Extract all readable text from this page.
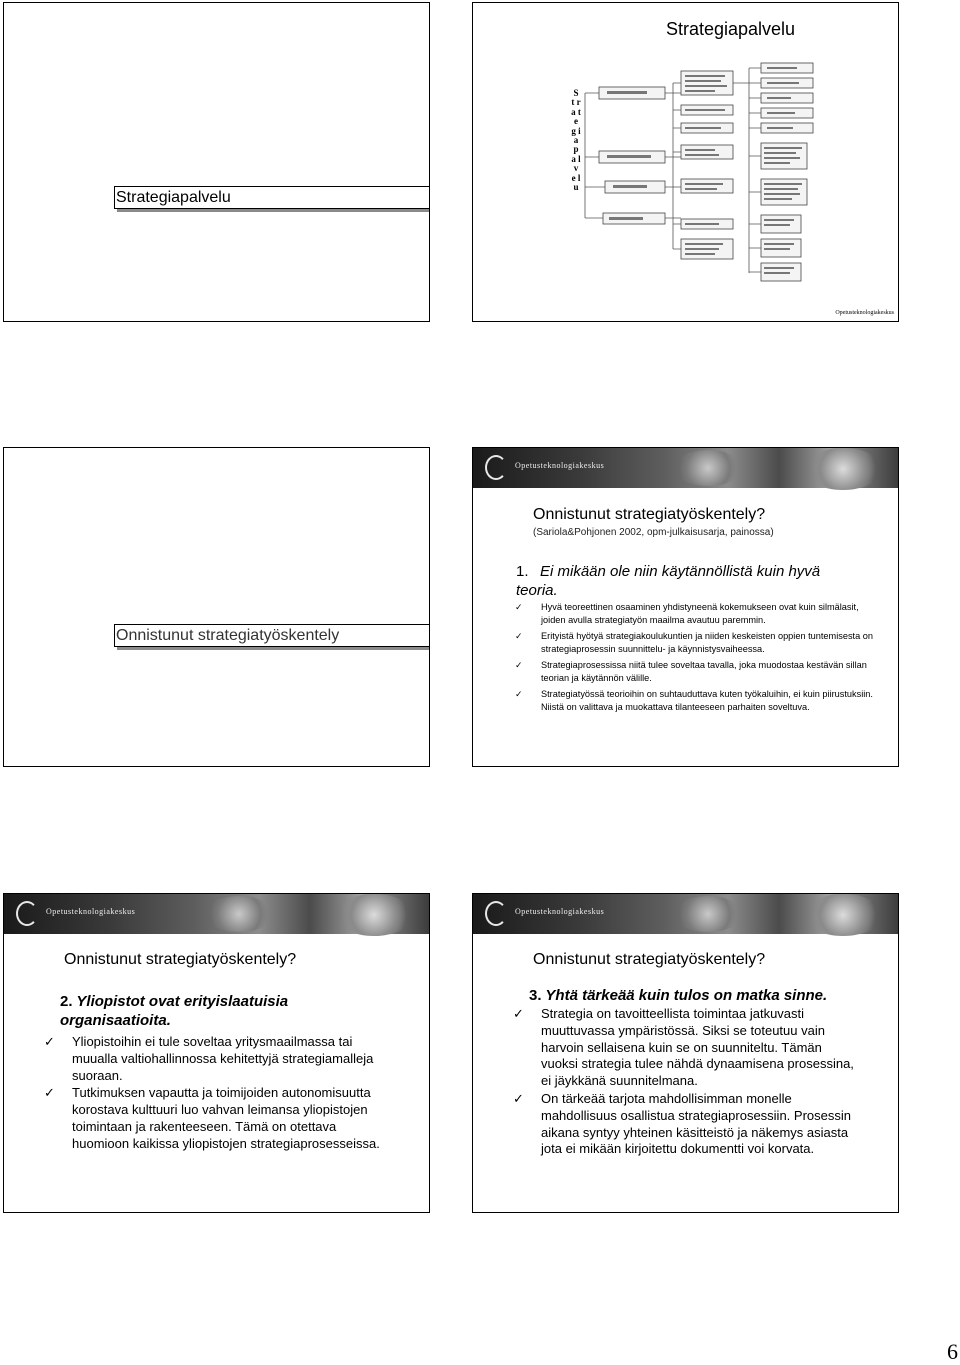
Strategiapalvelu
Strategiapalvelu
S t r a t e g i a p a l v e l u
Opetusteknologiakeskus
Onnistunut strategiatyöskentely
Opetusteknologiakeskus
Onnistunut strategiatyöskentely?
(Sariola&Pohjonen 2002, opm-julkaisusarja, painossa)
1. Ei mikään ole niin käytännöllistä kuin hyvä teoria.
✓ Hyvä teoreettinen osaaminen yhdistyneenä kokemukseen ovat kuin silmälasit, joiden avulla strategiatyön maailma avautuu paremmin.
✓ Erityistä hyötyä strategiakoulukuntien ja niiden keskeisten oppien tuntemisesta on strategiaprosessin suunnittelu- ja käynnistysvaiheessa.
✓ Strategiaprosessissa niitä tulee soveltaa tavalla, joka muodostaa kestävän sillan teorian ja käytännön välille.
✓ Strategiatyössä teorioihin on suhtauduttava kuten työkaluihin, ei kuin piirustuksiin. Niistä on valittava ja muokattava tilanteeseen parhaiten soveltuva.
Opetusteknologiakeskus
Onnistunut strategiatyöskentely?
2. Yliopistot ovat erityislaatuisia organisaatioita.
✓ Yliopistoihin ei tule soveltaa yritysmaailmassa tai muualla valtiohallinnossa kehitettyjä strategiamalleja suoraan.
✓ Tutkimuksen vapautta ja toimijoiden autonomisuutta korostava kulttuuri luo vahvan leimansa yliopistojen toimintaan ja rakenteeseen. Tämä on otettava huomioon kaikissa yliopistojen strategiaprosesseissa.
Opetusteknologiakeskus
Onnistunut strategiatyöskentely?
3. Yhtä tärkeää kuin tulos on matka sinne.
✓ Strategia on tavoitteellista toimintaa jatkuvasti muuttuvassa ympäristössä. Siksi se toteutuu vain harvoin sellaisena kuin se on suunniteltu. Tämän vuoksi strategia tulee nähdä dynaamisena prosessina, ei jäykkänä suunnitelmana.
✓ On tärkeää tarjota mahdollisimman monelle mahdollisuus osallistua strategiaprosessiin. Prosessin aikana syntyy yhteinen käsitteistö ja näkemys asiasta jota ei mikään kirjoitettu dokumentti voi korvata.
6
